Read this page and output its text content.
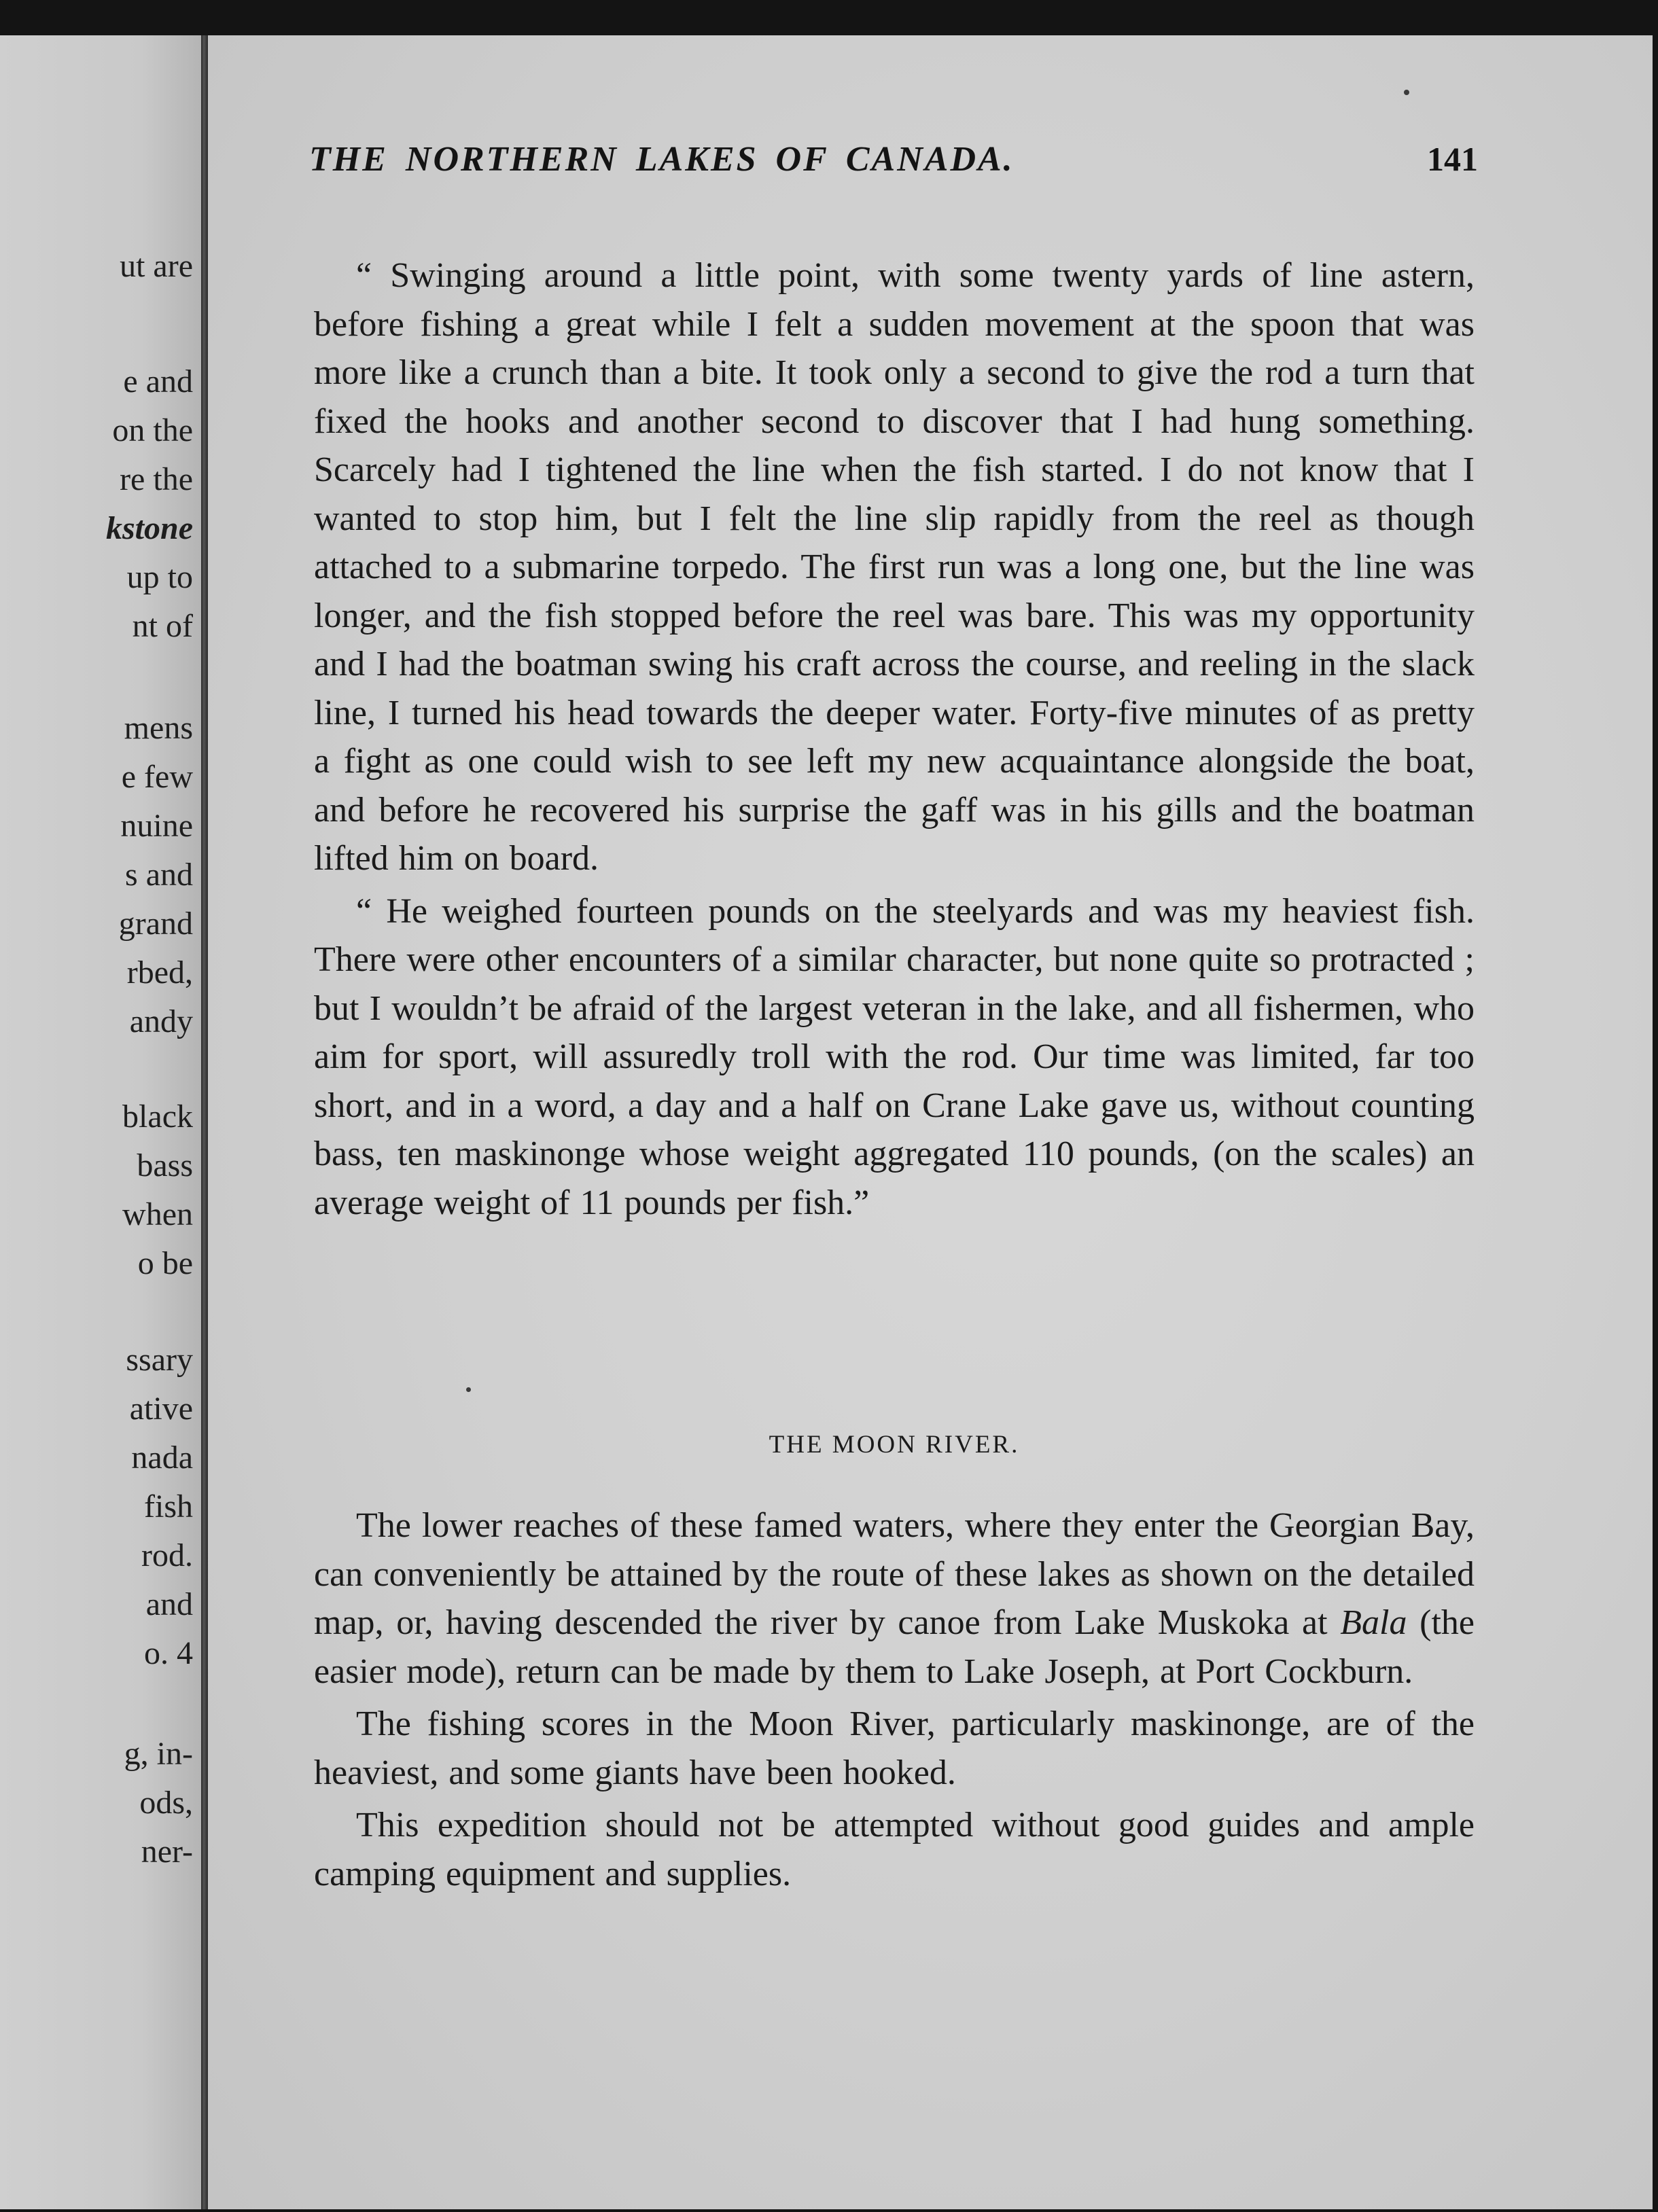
ut are
e and
on the
re the
kstone
up to
nt of
mens
e few
nuine
s and
grand
rbed,
andy
black
bass
when
o be
ssary
ative
nada
fish
rod.
and
o. 4
g, in-
ods,
ner-
THE NORTHERN LAKES OF CANADA.	141

“ Swinging around a little point, with some twenty yards of line astern, before fishing a great while I felt a sudden movement at the spoon that was more like a crunch than a bite. It took only a second to give the rod a turn that fixed the hooks and another second to discover that I had hung something. Scarcely had I tightened the line when the fish started. I do not know that I wanted to stop him, but I felt the line slip rapidly from the reel as though attached to a submarine torpedo. The first run was a long one, but the line was longer, and the fish stopped before the reel was bare. This was my opportunity and I had the boatman swing his craft across the course, and reeling in the slack line, I turned his head towards the deeper water. Forty-five minutes of as pretty a fight as one could wish to see left my new acquaintance alongside the boat, and before he recovered his surprise the gaff was in his gills and the boatman lifted him on board.

“ He weighed fourteen pounds on the steelyards and was my heaviest fish. There were other encounters of a similar character, but none quite so protracted ; but I wouldn’t be afraid of the largest veteran in the lake, and all fishermen, who aim for sport, will assuredly troll with the rod. Our time was limited, far too short, and in a word, a day and a half on Crane Lake gave us, without counting bass, ten maskinonge whose weight aggregated 110 pounds, (on the scales) an average weight of 11 pounds per fish.”

THE MOON RIVER.

The lower reaches of these famed waters, where they enter the Georgian Bay, can conveniently be attained by the route of these lakes as shown on the detailed map, or, having descended the river by canoe from Lake Muskoka at Bala (the easier mode), return can be made by them to Lake Joseph, at Port Cockburn.

The fishing scores in the Moon River, particularly maskinonge, are of the heaviest, and some giants have been hooked.

This expedition should not be attempted without good guides and ample camping equipment and supplies.
